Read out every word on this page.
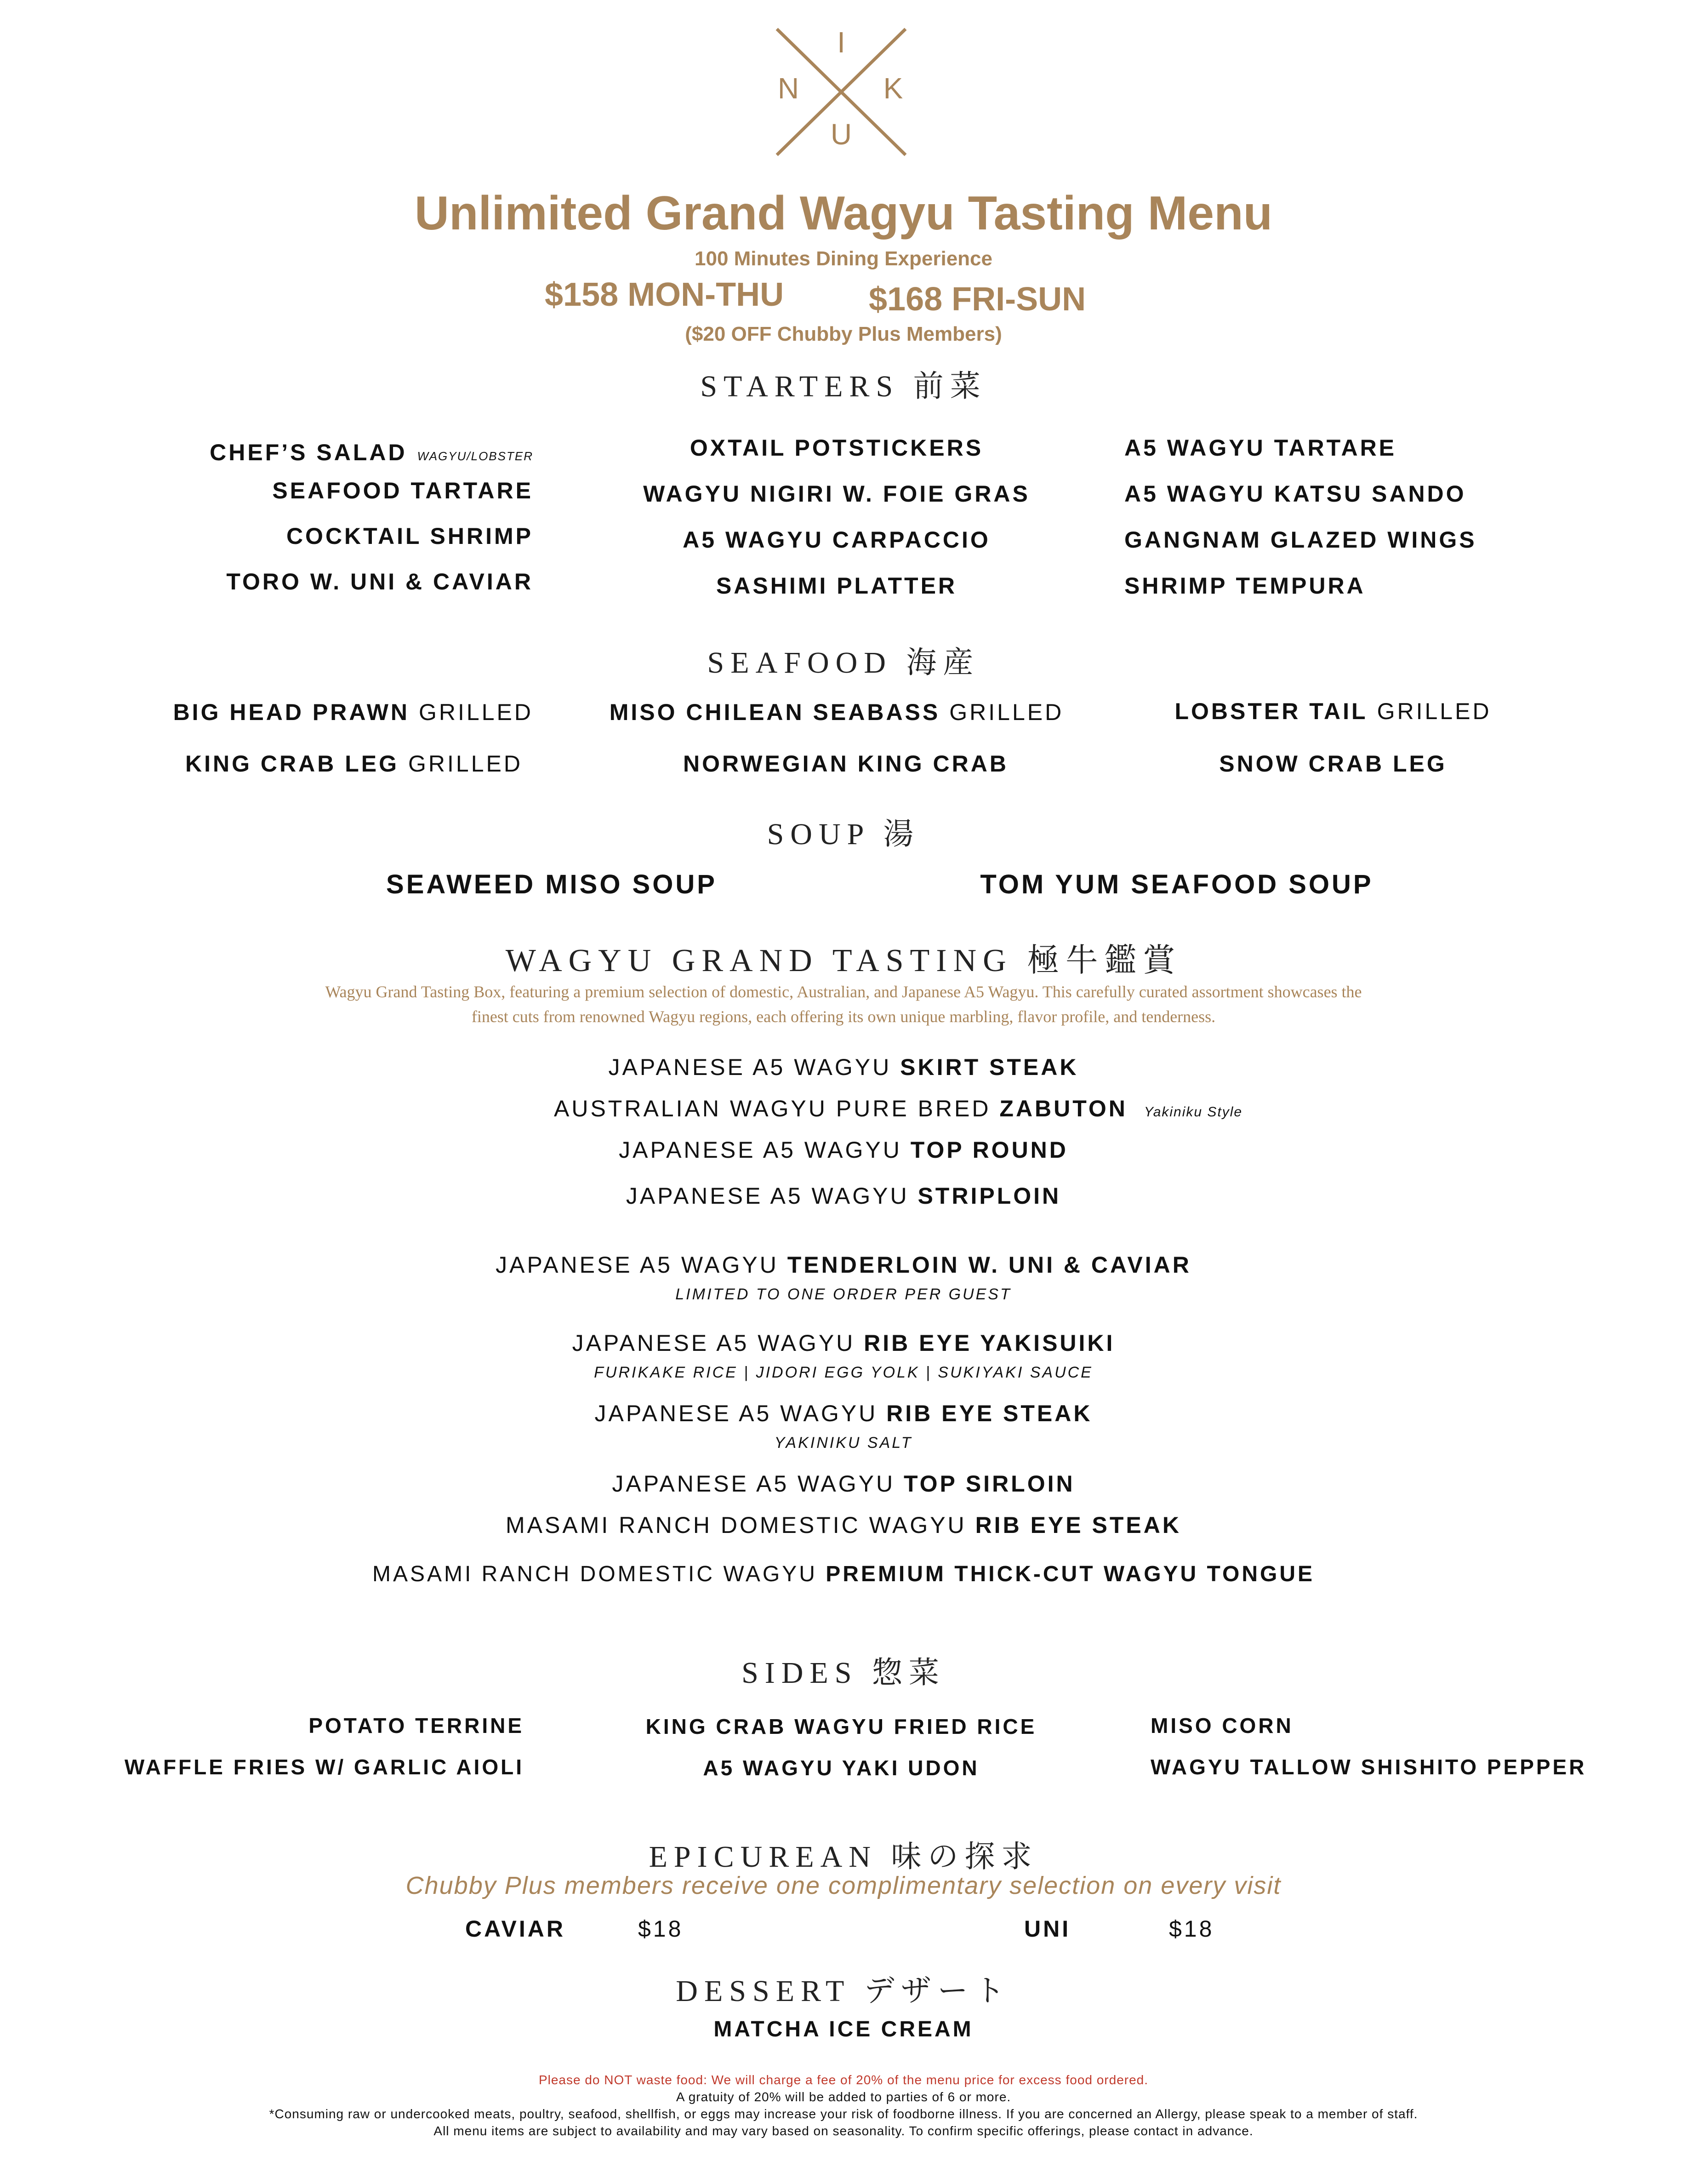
I
N	K
U
Unlimited Grand Wagyu Tasting Menu
100 Minutes Dining Experience
$158 MON-THU	$168 FRI-SUN
($20 OFF Chubby Plus Members)
STARTERS 前菜
CHEF’S SALAD WAGYU/LOBSTER
SEAFOOD TARTARE
COCKTAIL SHRIMP
TORO W. UNI & CAVIAR
OXTAIL POTSTICKERS
WAGYU NIGIRI W. FOIE GRAS
A5 WAGYU CARPACCIO
SASHIMI PLATTER
A5 WAGYU TARTARE
A5 WAGYU KATSU SANDO
GANGNAM GLAZED WINGS
SHRIMP TEMPURA
SEAFOOD 海産
BIG HEAD PRAWN GRILLED	MISO CHILEAN SEABASS GRILLED	LOBSTER TAIL GRILLED
KING CRAB LEG GRILLED	NORWEGIAN KING CRAB	SNOW CRAB LEG
SOUP 湯
SEAWEED MISO SOUP	TOM YUM SEAFOOD SOUP
WAGYU GRAND TASTING 極牛鑑賞
Wagyu Grand Tasting Box, featuring a premium selection of domestic, Australian, and Japanese A5 Wagyu. This carefully curated assortment showcases the
finest cuts from renowned Wagyu regions, each offering its own unique marbling, flavor profile, and tenderness.
JAPANESE A5 WAGYU SKIRT STEAK
AUSTRALIAN WAGYU PURE BRED ZABUTON Yakiniku Style
JAPANESE A5 WAGYU TOP ROUND
JAPANESE A5 WAGYU STRIPLOIN
JAPANESE A5 WAGYU TENDERLOIN W. UNI & CAVIAR
LIMITED TO ONE ORDER PER GUEST
JAPANESE A5 WAGYU RIB EYE YAKISUIKI
FURIKAKE RICE | JIDORI EGG YOLK | SUKIYAKI SAUCE
JAPANESE A5 WAGYU RIB EYE STEAK
YAKINIKU SALT
JAPANESE A5 WAGYU TOP SIRLOIN
MASAMI RANCH DOMESTIC WAGYU RIB EYE STEAK
MASAMI RANCH DOMESTIC WAGYU PREMIUM THICK-CUT WAGYU TONGUE
SIDES 惣菜
POTATO TERRINE
WAFFLE FRIES W/ GARLIC AIOLI
KING CRAB WAGYU FRIED RICE
A5 WAGYU YAKI UDON
MISO CORN
WAGYU TALLOW SHISHITO PEPPER
EPICUREAN 味の探求
Chubby Plus members receive one complimentary selection on every visit
CAVIAR	$18	UNI	$18
DESSERT デザート
MATCHA ICE CREAM
Please do NOT waste food: We will charge a fee of 20% of the menu price for excess food ordered.
A gratuity of 20% will be added to parties of 6 or more.
*Consuming raw or undercooked meats, poultry, seafood, shellfish, or eggs may increase your risk of foodborne illness. If you are concerned an Allergy, please speak to a member of staff.
All menu items are subject to availability and may vary based on seasonality. To confirm specific offerings, please contact in advance.
